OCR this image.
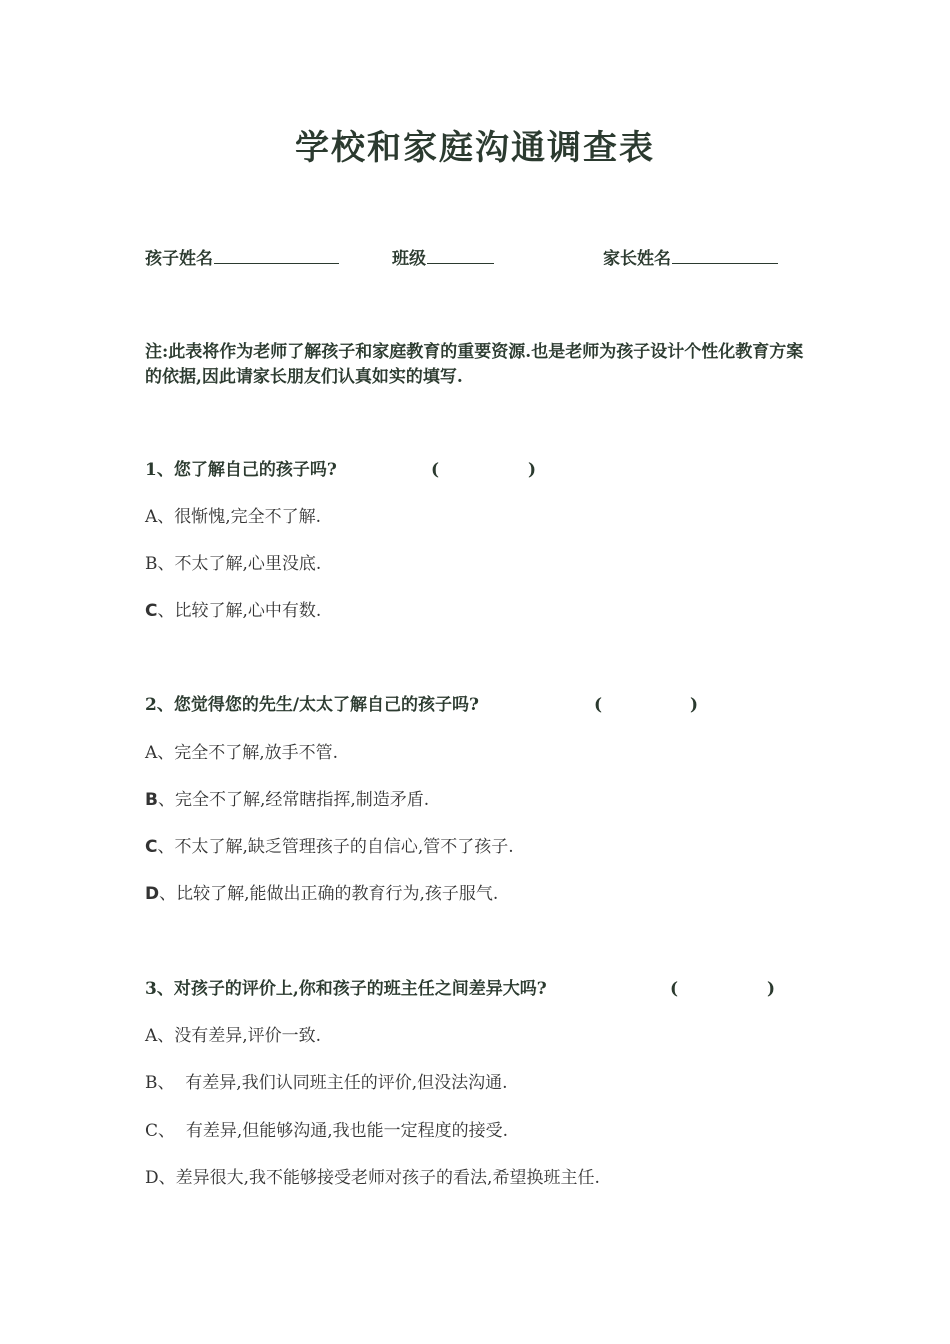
学校和家庭沟通调查表
孩子姓名	班级	家长姓名
注:此表将作为老师了解孩子和家庭教育的重要资源.也是老师为孩子设计个性化教育方案的依据,因此请家长朋友们认真如实的填写.
1、您了解自己的孩子吗?	(	)
A、很惭愧,完全不了解.
B、不太了解,心里没底.
C、比较了解,心中有数.
2、您觉得您的先生/太太了解自己的孩子吗?	(	)
A、完全不了解,放手不管.
B、完全不了解,经常瞎指挥,制造矛盾.
C、不太了解,缺乏管理孩子的自信心,管不了孩子.
D、比较了解,能做出正确的教育行为,孩子服气.
3、对孩子的评价上,你和孩子的班主任之间差异大吗?	(	)
A、没有差异,评价一致.
B、  有差异,我们认同班主任的评价,但没法沟通.
C、  有差异,但能够沟通,我也能一定程度的接受.
D、差异很大,我不能够接受老师对孩子的看法,希望换班主任.
